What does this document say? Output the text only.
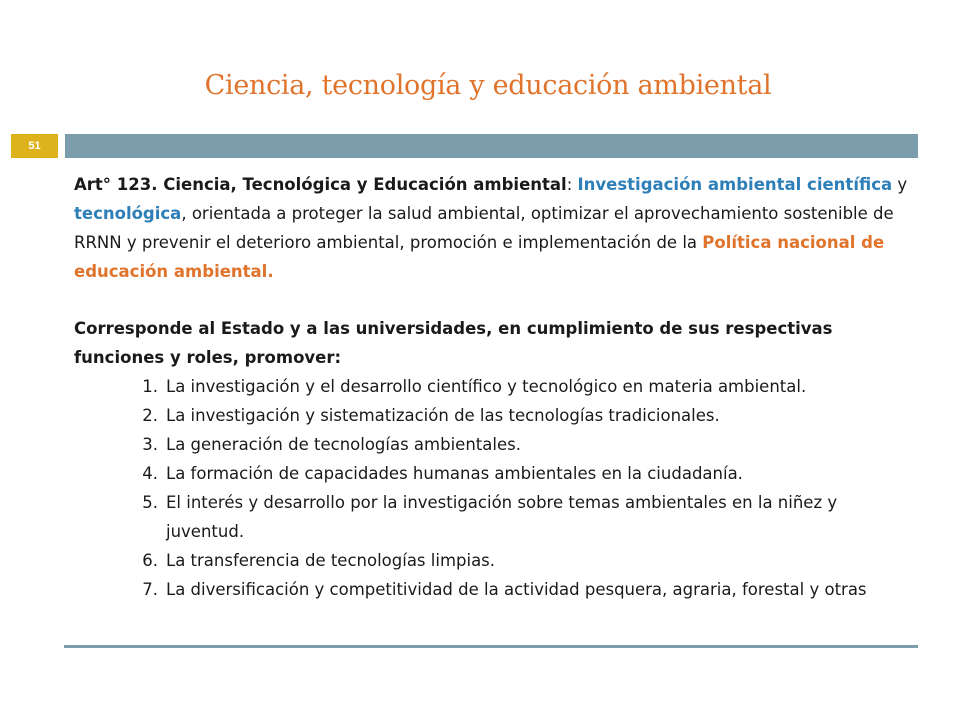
Ciencia, tecnología y educación ambiental
51

Art° 123. Ciencia, Tecnológica y Educación ambiental: Investigación ambiental científica y tecnológica, orientada a proteger la salud ambiental, optimizar el aprovechamiento sostenible de RRNN y prevenir el deterioro ambiental, promoción e implementación de la Política nacional de educación ambiental.

Corresponde al Estado y a las universidades, en cumplimiento de sus respectivas funciones y roles, promover:

1. La investigación y el desarrollo científico y tecnológico en materia ambiental.
2. La investigación y sistematización de las tecnologías tradicionales.
3. La generación de tecnologías ambientales.
4. La formación de capacidades humanas ambientales en la ciudadanía.
5. El interés y desarrollo por la investigación sobre temas ambientales en la niñez y juventud.
6. La transferencia de tecnologías limpias.
7. La diversificación y competitividad de la actividad pesquera, agraria, forestal y otras
